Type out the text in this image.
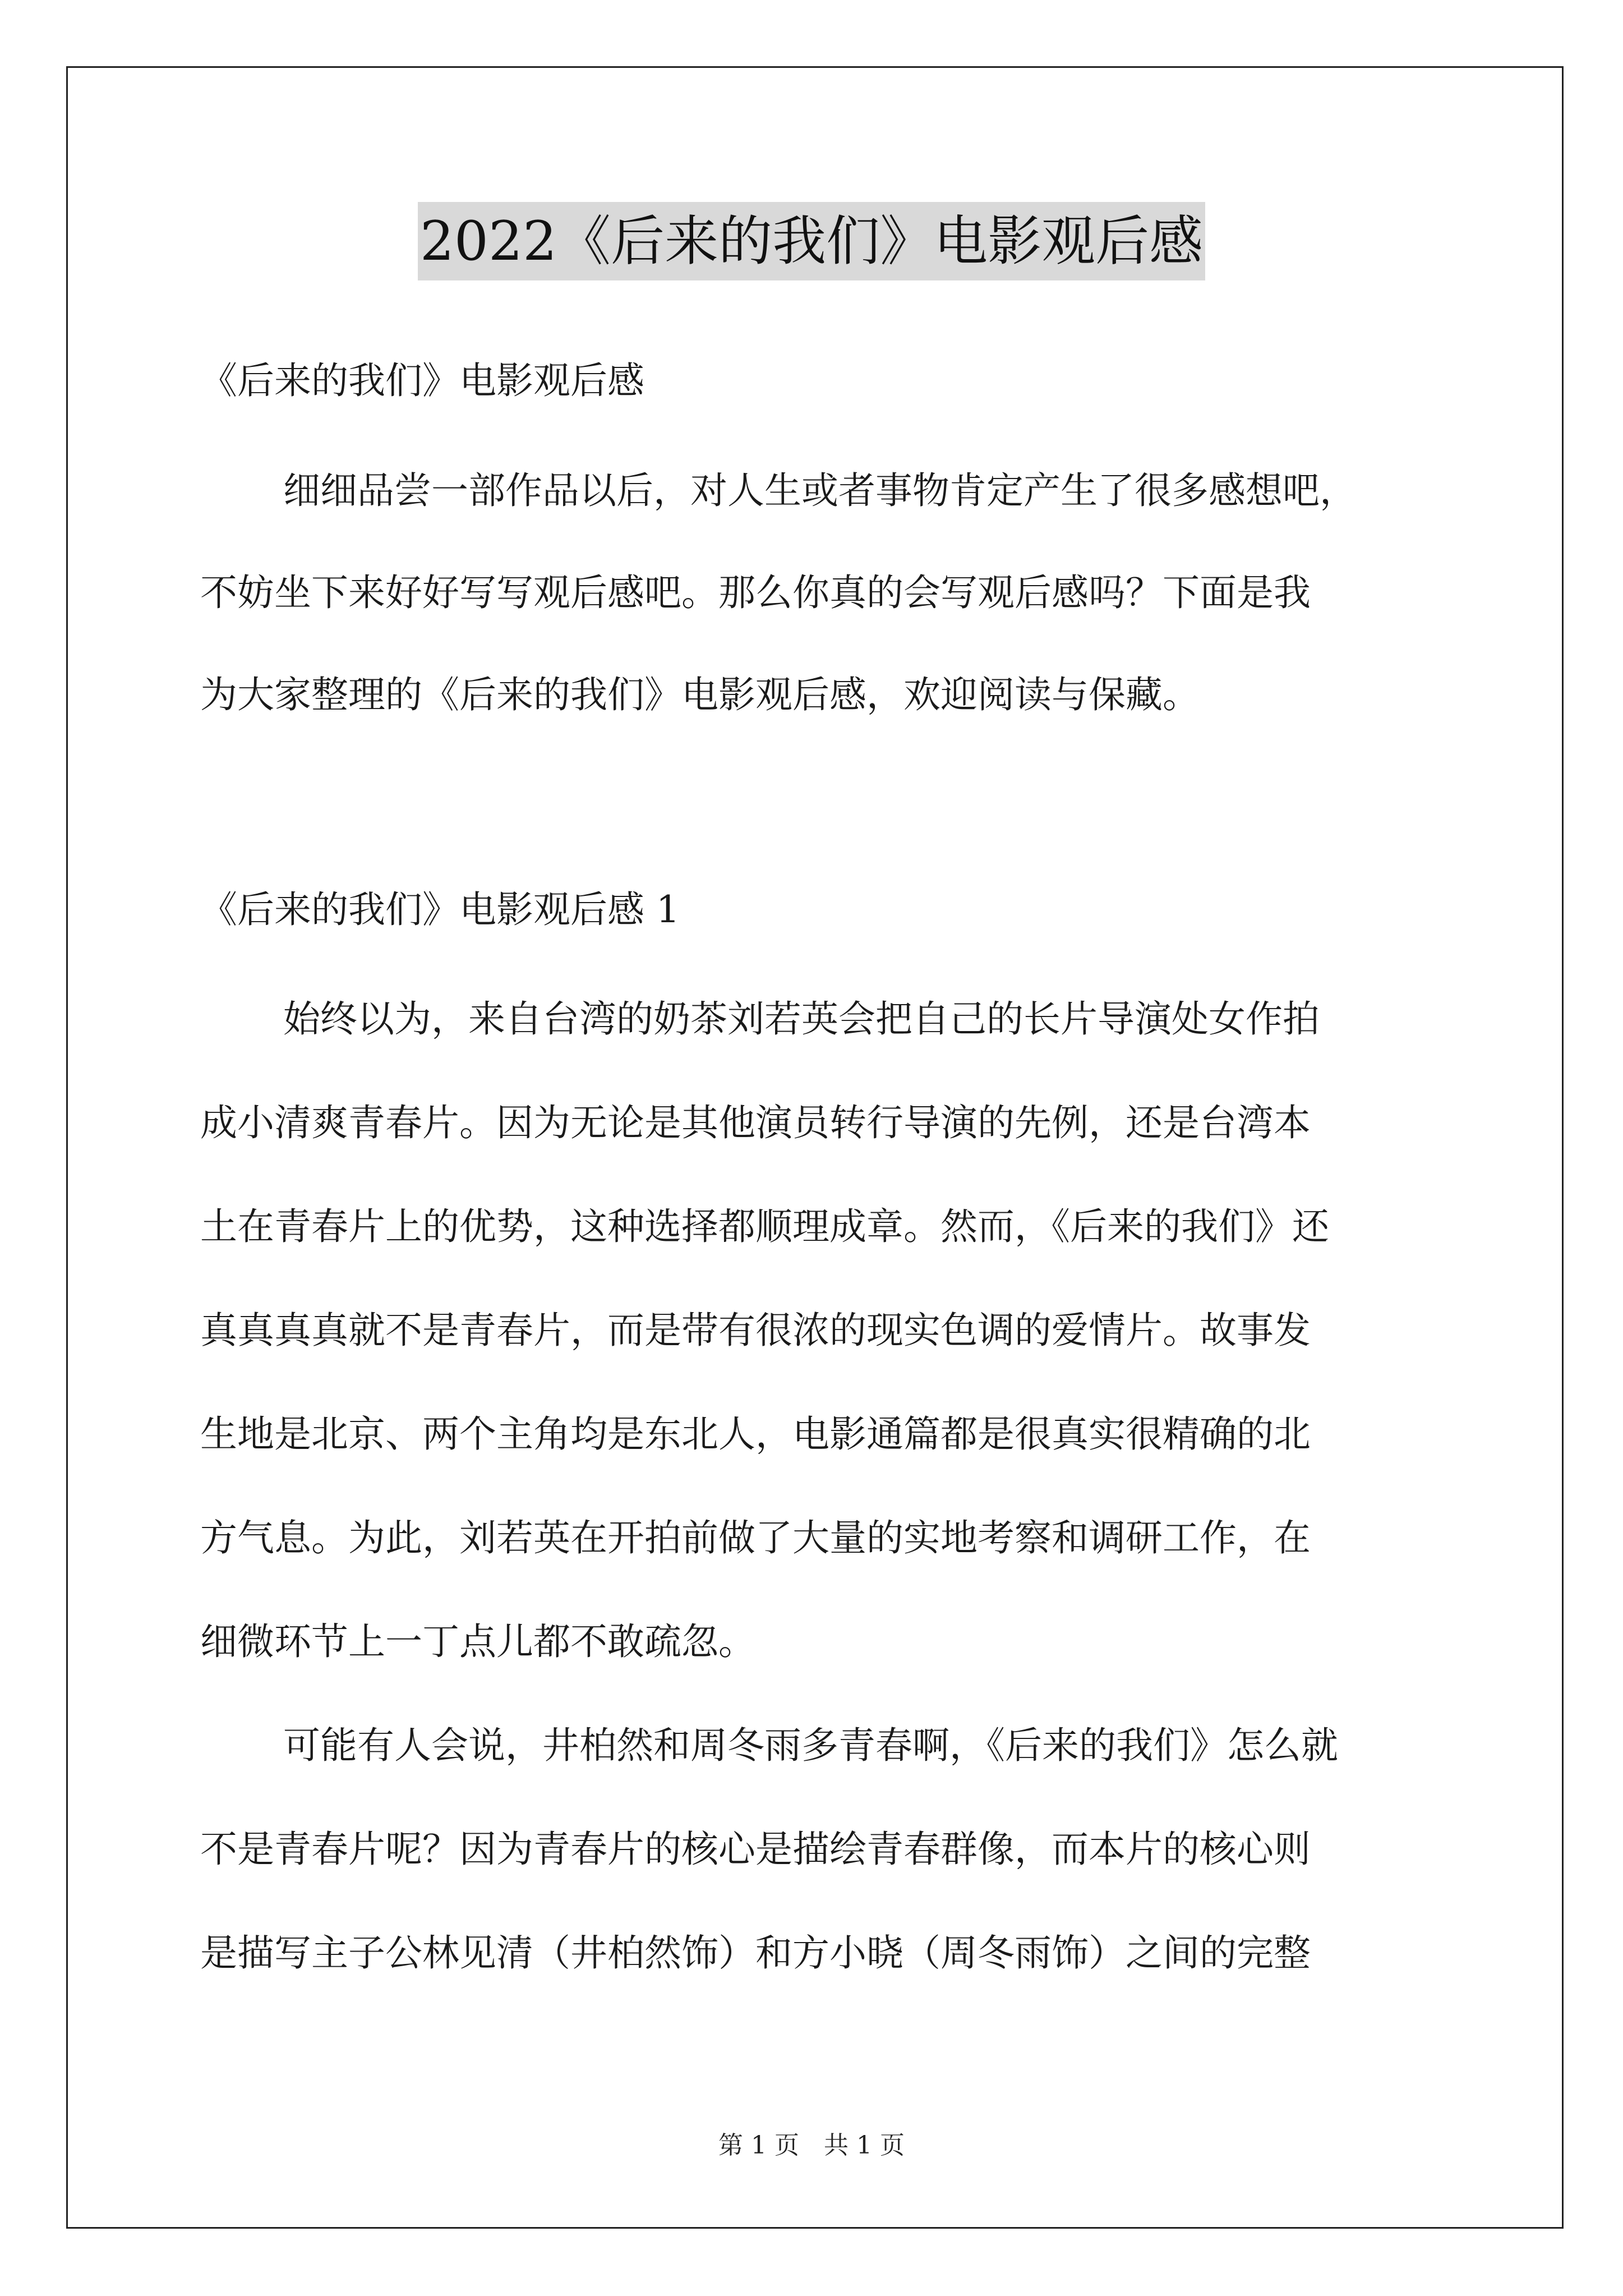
2022《后来的我们》电影观后感
《后来的我们》电影观后感
细细品尝一部作品以后，对人生或者事物肯定产生了很多感想吧，
不妨坐下来好好写写观后感吧。那么你真的会写观后感吗？下面是我
为大家整理的《后来的我们》电影观后感，欢迎阅读与保藏。
《后来的我们》电影观后感 1
始终以为，来自台湾的奶茶刘若英会把自己的长片导演处女作拍
成小清爽青春片。因为无论是其他演员转行导演的先例，还是台湾本
土在青春片上的优势，这种选择都顺理成章。然而，《后来的我们》还
真真真真就不是青春片，而是带有很浓的现实色调的爱情片。故事发
生地是北京、两个主角均是东北人，电影通篇都是很真实很精确的北
方气息。为此，刘若英在开拍前做了大量的实地考察和调研工作，在
细微环节上一丁点儿都不敢疏忽。
可能有人会说，井柏然和周冬雨多青春啊，《后来的我们》怎么就
不是青春片呢？因为青春片的核心是描绘青春群像，而本片的核心则
是描写主子公林见清（井柏然饰）和方小晓（周冬雨饰）之间的完整
第 1 页　共 1 页
